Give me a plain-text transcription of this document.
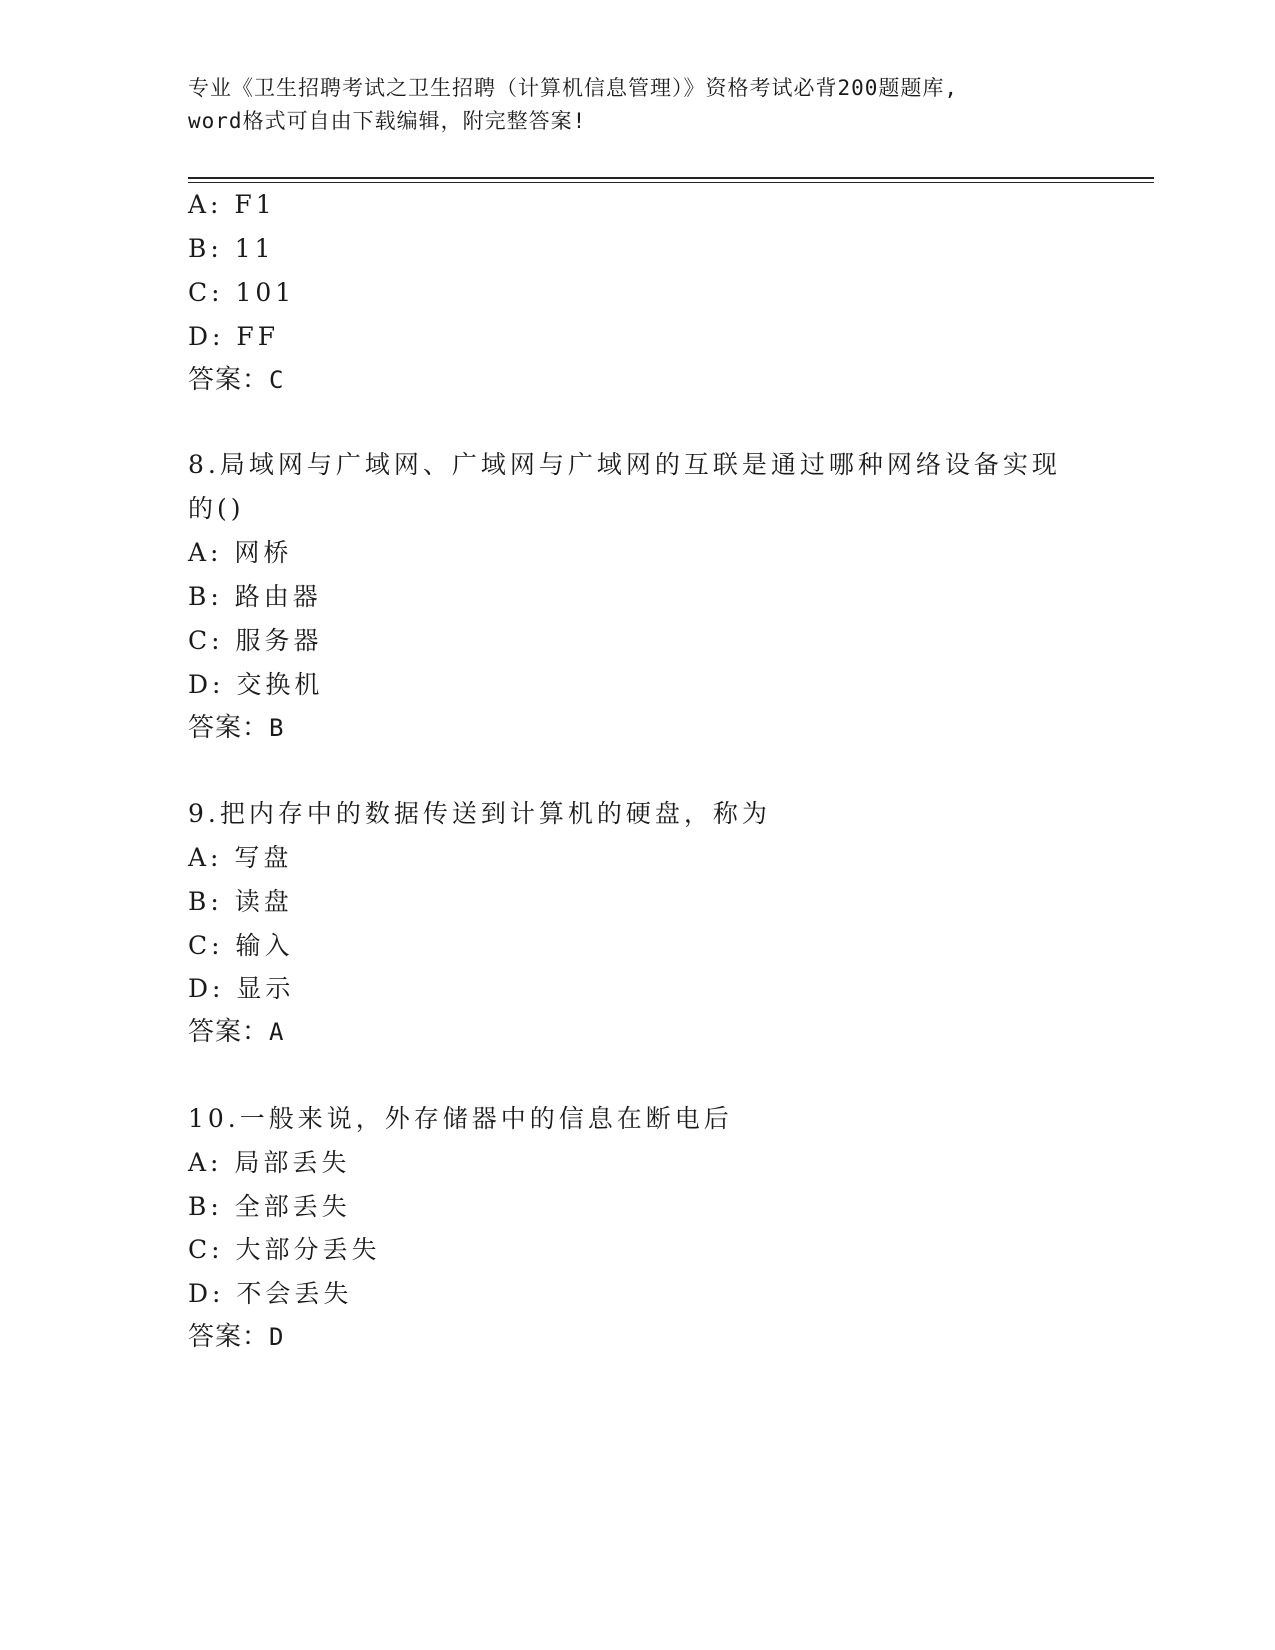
专业《卫生招聘考试之卫生招聘（计算机信息管理）》资格考试必背200题题库,
word格式可自由下载编辑，附完整答案!
A: F1
B: 11
C: 101
D: FF
答案：C
8.局域网与广域网、广域网与广域网的互联是通过哪种网络设备实现
的()
A: 网桥
B: 路由器
C: 服务器
D: 交换机
答案：B
9.把内存中的数据传送到计算机的硬盘，称为
A: 写盘
B: 读盘
C: 输入
D: 显示
答案：A
10.一般来说，外存储器中的信息在断电后
A: 局部丢失
B: 全部丢失
C: 大部分丢失
D: 不会丢失
答案：D
